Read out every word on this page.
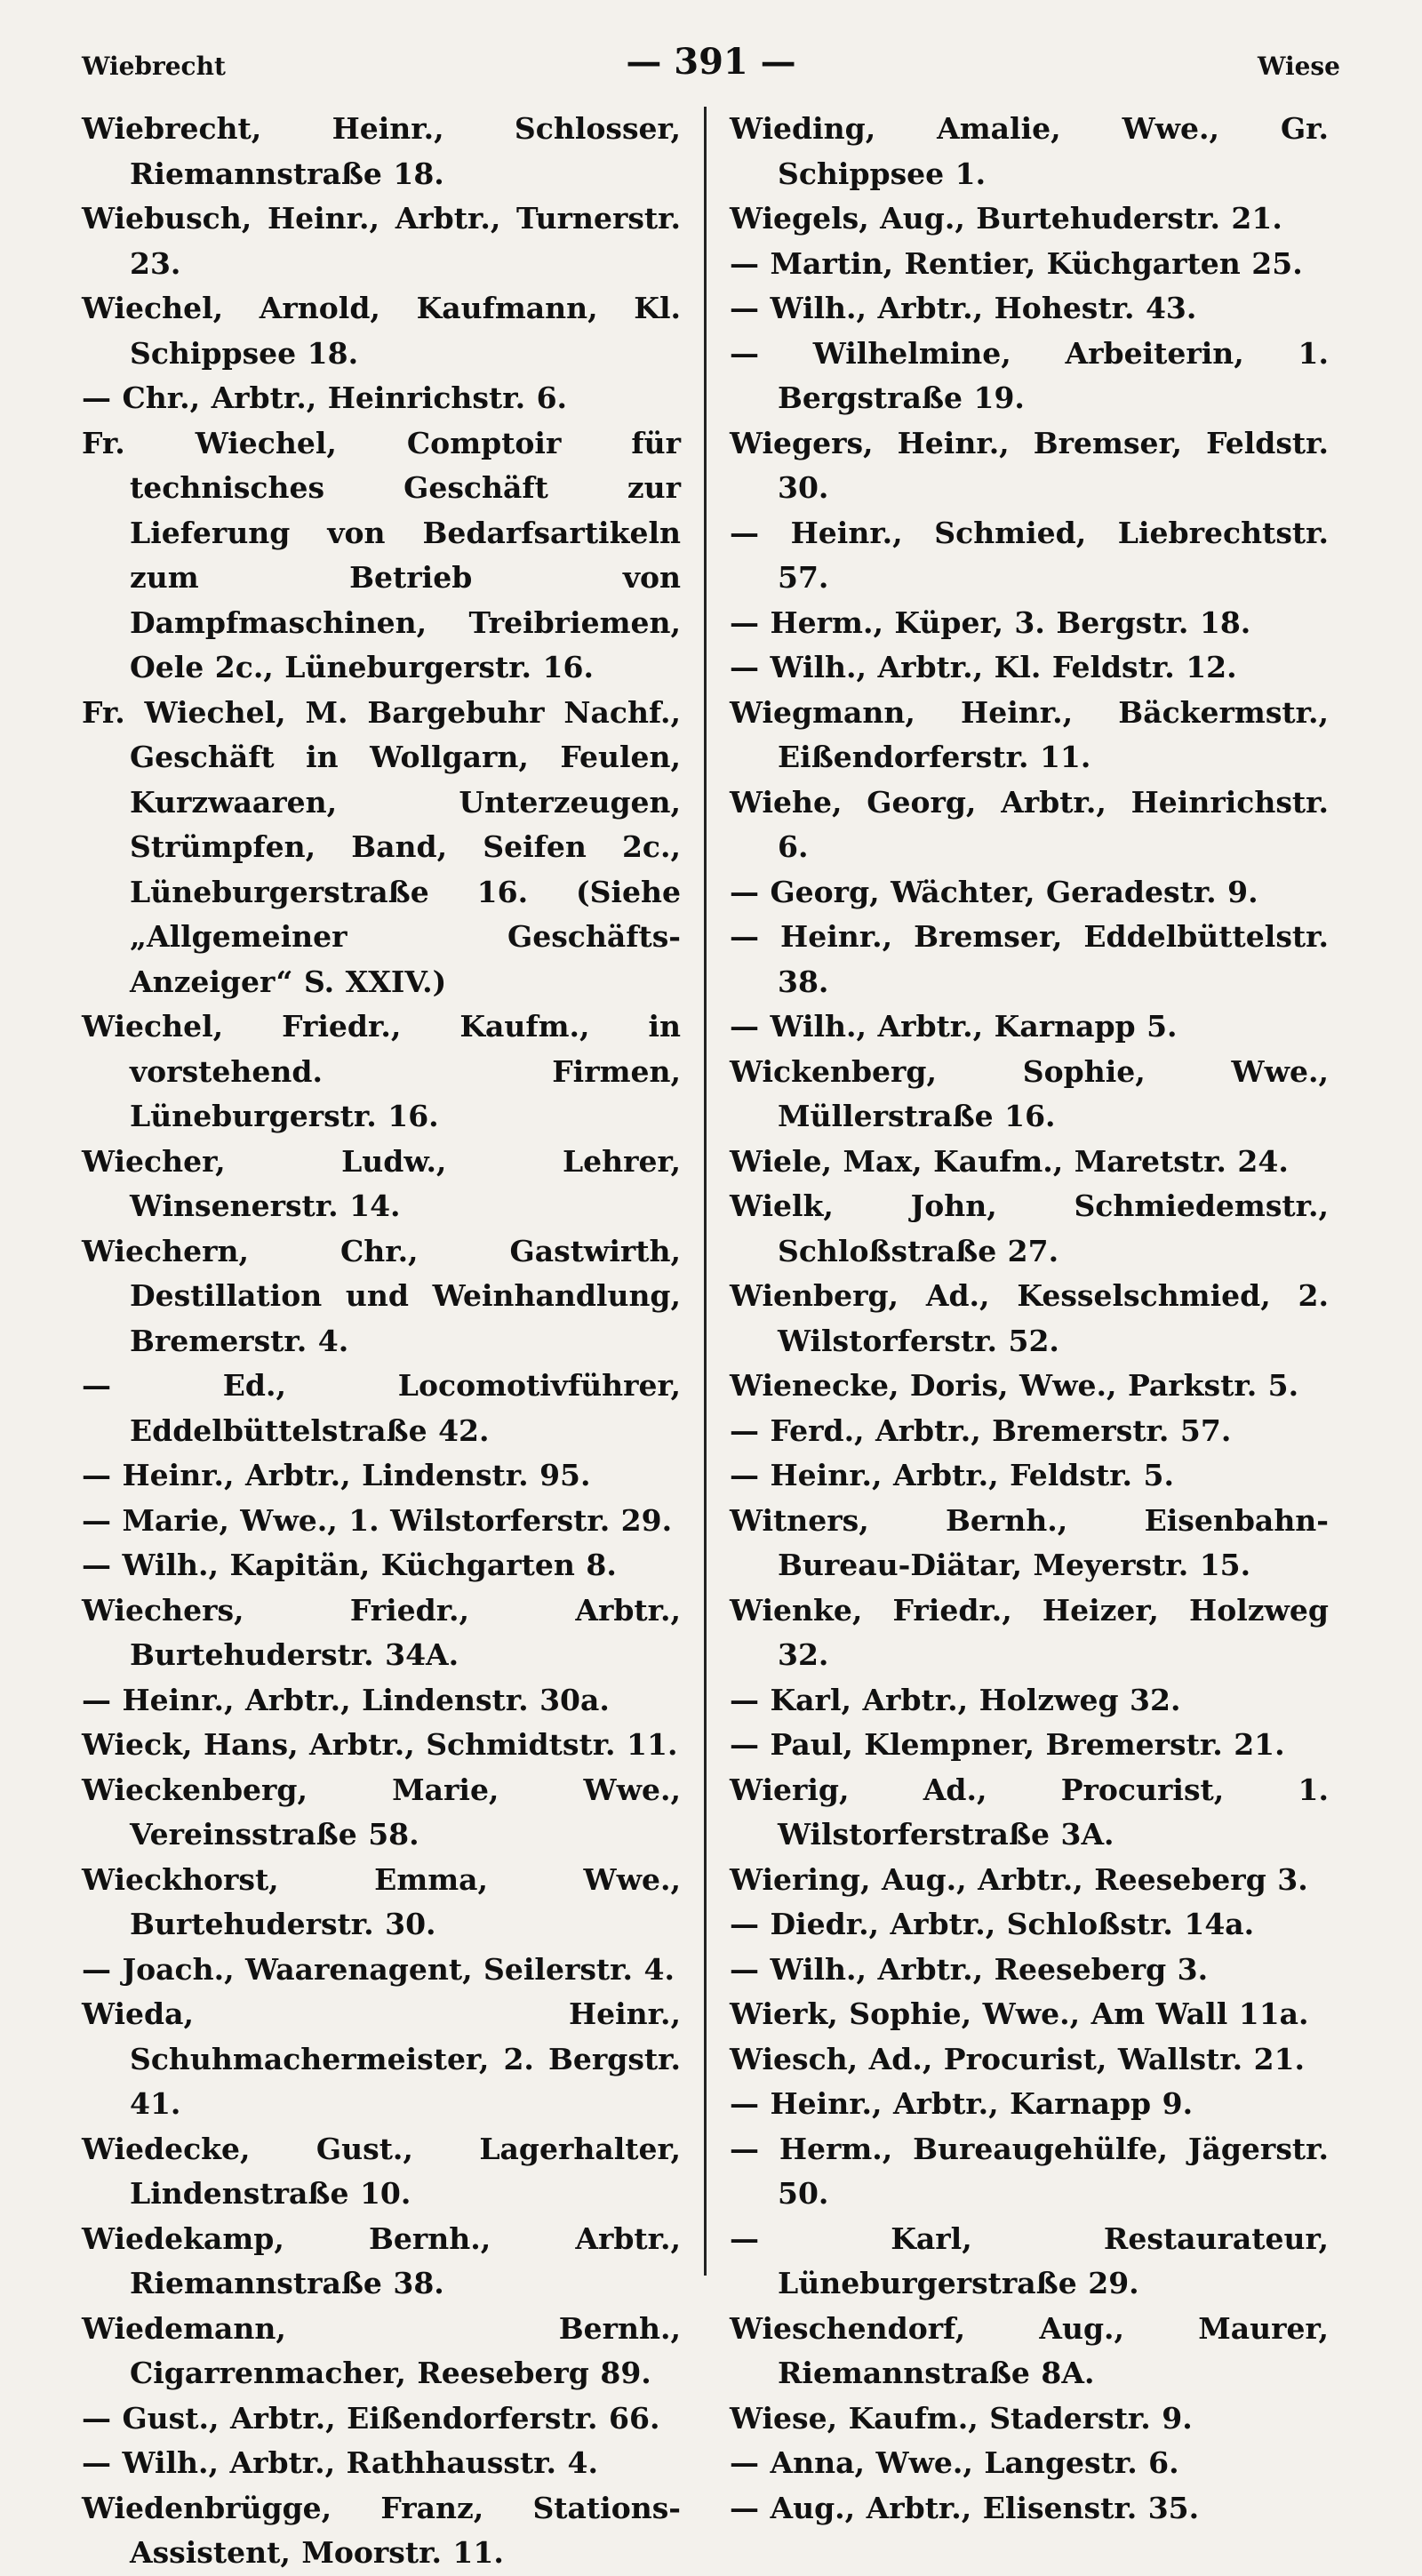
Wiebrecht	— 391 —	Wiese

Wiebrecht, Heinr., Schlosser, Riemannstraße 18.

Wiebusch, Heinr., Arbtr., Turnerstr. 23.

Wiechel, Arnold, Kaufmann, Kl. Schippsee 18.

— Chr., Arbtr., Heinrichstr. 6.

Fr. Wiechel, Comptoir für technisches Geschäft zur Lieferung von Bedarfsartikeln zum Betrieb von Dampfmaschinen, Treibriemen, Oele 2c., Lüneburgerstr. 16.

Fr. Wiechel, M. Bargebuhr Nachf., Geschäft in Wollgarn, Feulen, Kurzwaaren, Unterzeugen, Strümpfen, Band, Seifen 2c., Lüneburgerstraße 16. (Siehe „Allgemeiner Geschäfts-Anzeiger“ S. XXIV.)

Wiechel, Friedr., Kaufm., in vorstehend. Firmen, Lüneburgerstr. 16.

Wiecher, Ludw., Lehrer, Winsenerstr. 14.

Wiechern, Chr., Gastwirth, Destillation und Weinhandlung, Bremerstr. 4.

— Ed., Locomotivführer, Eddelbüttelstraße 42.

— Heinr., Arbtr., Lindenstr. 95.

— Marie, Wwe., 1. Wilstorferstr. 29.

— Wilh., Kapitän, Küchgarten 8.

Wiechers, Friedr., Arbtr., Burtehuderstr. 34A.

— Heinr., Arbtr., Lindenstr. 30a.

Wieck, Hans, Arbtr., Schmidtstr. 11.

Wieckenberg, Marie, Wwe., Vereinsstraße 58.

Wieckhorst, Emma, Wwe., Burtehuderstr. 30.

— Joach., Waarenagent, Seilerstr. 4.

Wieda, Heinr., Schuhmachermeister, 2. Bergstr. 41.

Wiedecke, Gust., Lagerhalter, Lindenstraße 10.

Wiedekamp, Bernh., Arbtr., Riemannstraße 38.

Wiedemann, Bernh., Cigarrenmacher, Reeseberg 89.

— Gust., Arbtr., Eißendorferstr. 66.

— Wilh., Arbtr., Rathhausstr. 4.

Wiedenbrügge, Franz, Stations-Assistent, Moorstr. 11.

Wieding, Amalie, Wwe., Gr. Schippsee 1.

Wiegels, Aug., Burtehuderstr. 21.

— Martin, Rentier, Küchgarten 25.

— Wilh., Arbtr., Hohestr. 43.

— Wilhelmine, Arbeiterin, 1. Bergstraße 19.

Wiegers, Heinr., Bremser, Feldstr. 30.

— Heinr., Schmied, Liebrechtstr. 57.

— Herm., Küper, 3. Bergstr. 18.

— Wilh., Arbtr., Kl. Feldstr. 12.

Wiegmann, Heinr., Bäckermstr., Eißendorferstr. 11.

Wiehe, Georg, Arbtr., Heinrichstr. 6.

— Georg, Wächter, Geradestr. 9.

— Heinr., Bremser, Eddelbüttelstr. 38.

— Wilh., Arbtr., Karnapp 5.

Wickenberg, Sophie, Wwe., Müllerstraße 16.

Wiele, Max, Kaufm., Maretstr. 24.

Wielk, John, Schmiedemstr., Schloßstraße 27.

Wienberg, Ad., Kesselschmied, 2. Wilstorferstr. 52.

Wienecke, Doris, Wwe., Parkstr. 5.

— Ferd., Arbtr., Bremerstr. 57.

— Heinr., Arbtr., Feldstr. 5.

Witners, Bernh., Eisenbahn-Bureau-Diätar, Meyerstr. 15.

Wienke, Friedr., Heizer, Holzweg 32.

— Karl, Arbtr., Holzweg 32.

— Paul, Klempner, Bremerstr. 21.

Wierig, Ad., Procurist, 1. Wilstorferstraße 3A.

Wiering, Aug., Arbtr., Reeseberg 3.

— Diedr., Arbtr., Schloßstr. 14a.

— Wilh., Arbtr., Reeseberg 3.

Wierk, Sophie, Wwe., Am Wall 11a.

Wiesch, Ad., Procurist, Wallstr. 21.

— Heinr., Arbtr., Karnapp 9.

— Herm., Bureaugehülfe, Jägerstr. 50.

— Karl, Restaurateur, Lüneburgerstraße 29.

Wieschendorf, Aug., Maurer, Riemannstraße 8A.

Wiese, Kaufm., Staderstr. 9.

— Anna, Wwe., Langestr. 6.

— Aug., Arbtr., Elisenstr. 35.
